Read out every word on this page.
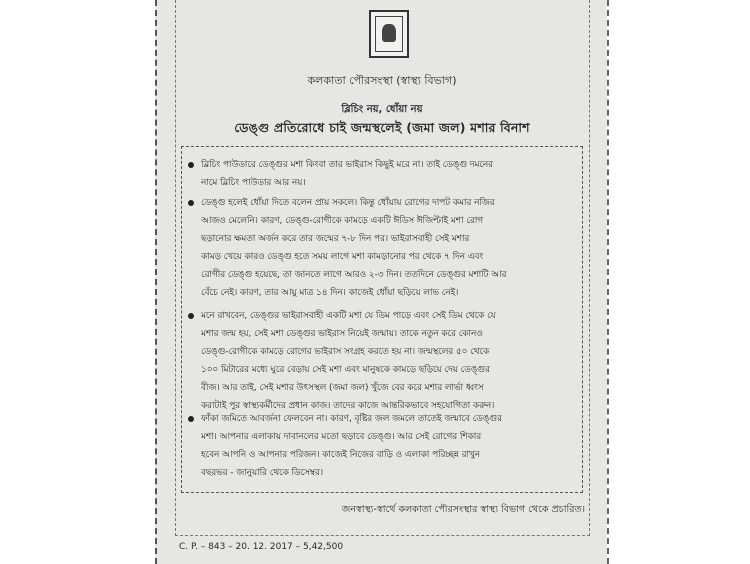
কলকাতা পৌরসংস্থা (স্বাস্থ্য বিভাগ)
ব্লিচিং নয়, ধোঁয়া নয়
ডেঙ্গু প্রতিরোধে চাই জন্মস্থলেই (জমা জল) মশার বিনাশ
ব্লিচিং পাউডারে ডেঙ্গুর মশা কিংবা তার ভাইরাস কিছুই মরে না। তাই ডেঙ্গু দমনের
নামে ব্লিচিং পাউডার আর নয়।
ডেঙ্গু হলেই ধোঁয়া দিতে বলেন প্রায় সকলে। কিন্তু ধোঁয়ায় রোগের দাপট কমার নজির
আজও মেলেনি। কারণ, ডেঙ্গু-রোগীকে কামড়ে একটি ঈডিস ঈজিপ্টাই মশা রোগ
ছড়ানোর ক্ষমতা অর্জন করে তার জন্মের ৭-৮ দিন পর। ভাইরাসবাহী সেই মশার
কামড় খেয়ে কারও ডেঙ্গু হতে সময় লাগে মশা কামড়ানোর পর থেকে ৭ দিন এবং
রোগীর ডেঙ্গু হয়েছে, তা জানতে লাগে আরও ২-৩ দিন। ততদিনে ডেঙ্গুর মশাটি আর
বেঁচে নেই। কারণ, তার আয়ু মাত্র ১৪ দিন। কাজেই ধোঁয়া ছড়িয়ে লাভ নেই।
মনে রাখবেন, ডেঙ্গুর ভাইরাসবাহী একটি মশা যে ডিম পাড়ে এবং সেই ডিম থেকে যে
মশার জন্ম হয়, সেই মশা ডেঙ্গুর ভাইরাস নিয়েই জন্মায়। তাকে নতুন করে কোনও
ডেঙ্গু-রোগীকে কামড়ে রোগের ভাইরাস সংগ্রহ করতে হয় না। জন্মস্থলের ৫০ থেকে
১০০ মিটারের মধ্যে ঘুরে বেড়ায় সেই মশা এবং মানুষকে কামড়ে ছড়িয়ে দেয় ডেঙ্গুর
বীজ। আর তাই, সেই মশার উৎসস্থল (জমা জল) খুঁজে বের করে মশার লার্ভা ধ্বংস
করাটাই পুর স্বাস্থ্যকর্মীদের প্রধান কাজ। তাদের কাজে আন্তরিকভাবে সহযোগিতা করুন।
ফাঁকা জমিতে আবর্জনা ফেলবেন না। কারণ, বৃষ্টির জল জমলে তাতেই জন্মাবে ডেঙ্গুর
মশা। আপনার এলাকায় দাবানলের মতো ছড়াবে ডেঙ্গু। আর সেই রোগের শিকার
হবেন আপনি ও আপনার পরিজন। কাজেই নিজের বাড়ি ও এলাকা পরিচ্ছন্ন রাখুন
বছরভর - জানুয়ারি থেকে ডিসেম্বর।
জনস্বাস্থ্য-স্বার্থে কলকাতা পৌরসংস্থার স্বাস্থ্য বিভাগ থেকে প্রচারিত।
C. P. – 843 – 20. 12. 2017 – 5,42,500
